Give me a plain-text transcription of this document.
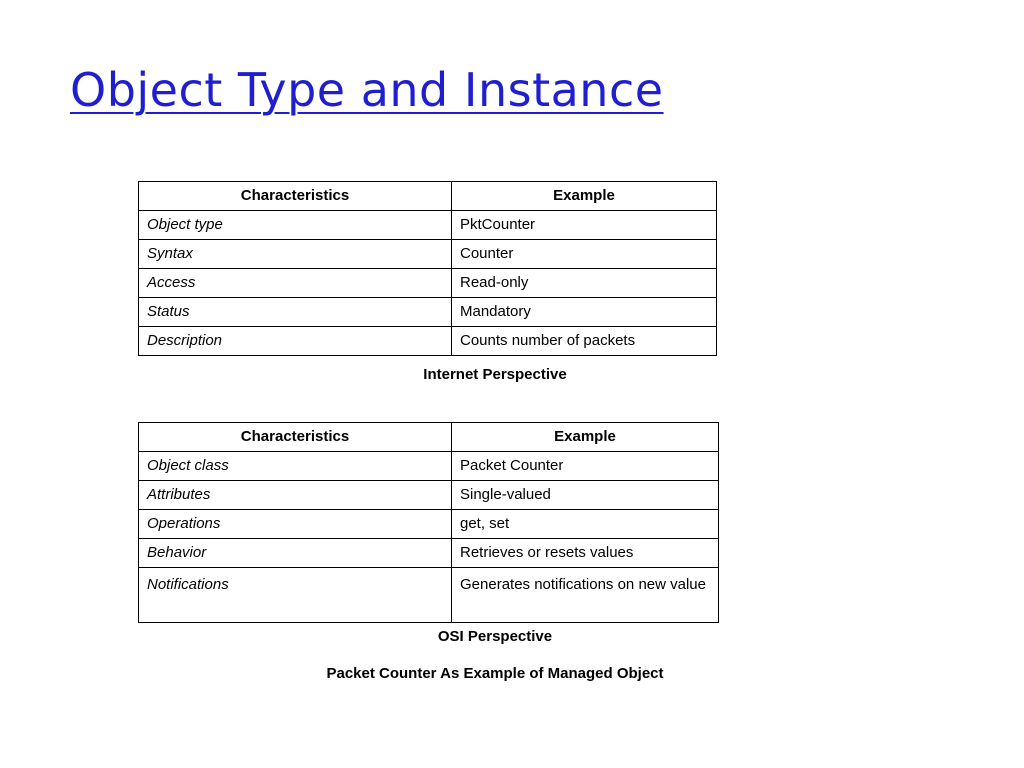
Object Type and Instance
Characteristics	Example
Object type	PktCounter
Syntax	Counter
Access	Read-only
Status	Mandatory
Description	Counts number of packets

Internet Perspective

Characteristics	Example
Object class	Packet Counter
Attributes	Single-valued
Operations	get, set
Behavior	Retrieves or resets values
Notifications	Generates notifications on new value

OSI Perspective

Packet Counter As Example of Managed Object
